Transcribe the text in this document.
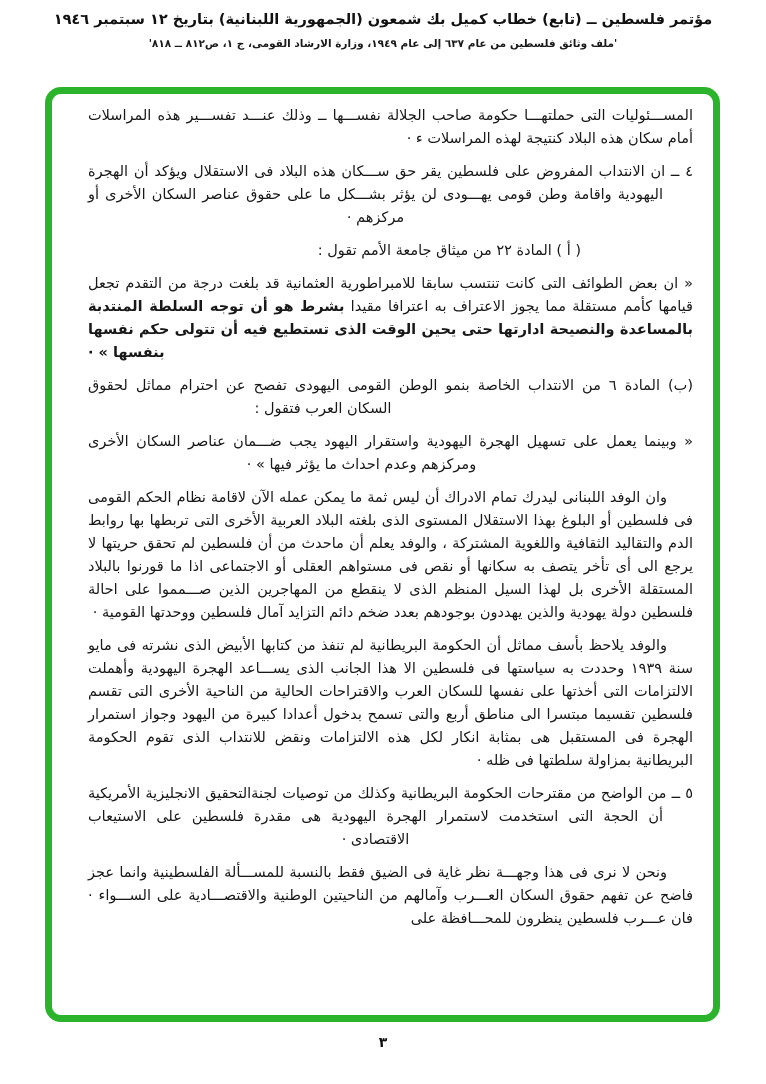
مؤتمر فلسطين ــ (تابع) خطاب كميل بك شمعون (الجمهورية اللبنانية) بتاريخ ١٢ سبتمبر ١٩٤٦
'ملف وثائق فلسطين من عام ٦٣٧ إلى عام ١٩٤٩، وزارة الارشاد القومى، ج ١، ص٨١٢ ــ ٨١٨'

المســـئوليات التى حملتهـــا حكومة صاحب الجلالة نفســـها ــ وذلك عنـــد تفســـير هذه المراسلات أمام سكان هذه البلاد كنتيجة لهذه المراسلات ء ·

٤ ــ ان الانتداب المفروض على فلسطين يقر حق ســـكان هذه البلاد فى الاستقلال ويؤكد أن الهجرة اليهودية واقامة وطن قومى يهـــودى لن يؤثر بشـــكل ما على حقوق عناصر السكان الأخرى أو مركزهم ·

( أ ) المادة ٢٢ من ميثاق جامعة الأمم تقول :

« ان بعض الطوائف التى كانت تنتسب سابقا للامبراطورية العثمانية قد بلغت درجة من التقدم تجعل قيامها كأمم مستقلة مما يجوز الاعتراف به اعترافا مقيدا بشرط هو أن توجه السلطة المنتدبة بالمساعدة والنصيحة ادارتها حتى يحين الوقت الذى تستطيع فيه أن تتولى حكم نفسها بنفسها » ·

(ب) المادة ٦ من الانتداب الخاصة بنمو الوطن القومى اليهودى تفصح عن احترام مماثل لحقوق السكان العرب فتقول :

« وبينما يعمل على تسهيل الهجرة اليهودية واستقرار اليهود يجب ضـــمان عناصر السكان الأخرى ومركزهم وعدم احداث ما يؤثر فيها » ·

وان الوفد اللبنانى ليدرك تمام الادراك أن ليس ثمة ما يمكن عمله الآن لاقامة نظام الحكم القومى فى فلسطين أو البلوغ بهذا الاستقلال المستوى الذى بلغته البلاد العربية الأخرى التى تربطها بها روابط الدم والتقاليد الثقافية واللغوية المشتركة ، والوفد يعلم أن ماحدث من أن فلسطين لم تحقق حريتها لا يرجع الى أى تأخر يتصف به سكانها أو نقص فى مستواهم العقلى أو الاجتماعى اذا ما قورنوا بالبلاد المستقلة الأخرى بل لهذا السيل المنظم الذى لا ينقطع من المهاجرين الذين صـــمموا على احالة فلسطين دولة يهودية والذين يهددون بوجودهم بعدد ضخم دائم التزايد آمال فلسطين ووحدتها القومية ·

والوفد يلاحظ بأسف مماثل أن الحكومة البريطانية لم تنفذ من كتابها الأبيض الذى نشرته فى مايو سنة ١٩٣٩ وحددت به سياستها فى فلسطين الا هذا الجانب الذى يســـاعد الهجرة اليهودية وأهملت الالتزامات التى أخذتها على نفسها للسكان العرب والاقتراحات الحالية من الناحية الأخرى التى تقسم فلسطين تقسيما مبتسرا الى مناطق أربع والتى تسمح بدخول أعدادا كبيرة من اليهود وجواز استمرار الهجرة فى المستقبل هى بمثابة انكار لكل هذه الالتزامات ونقض للانتداب الذى تقوم الحكومة البريطانية بمزاولة سلطتها فى ظله ·

٥ ــ من الواضح من مقترحات الحكومة البريطانية وكذلك من توصيات لجنةالتحقيق الانجليزية الأمريكية أن الحجة التى استخدمت لاستمرار الهجرة اليهودية هى مقدرة فلسطين على الاستيعاب الاقتصادى ·

ونحن لا نرى فى هذا وجهـــة نظر غاية فى الضيق فقط بالنسبة للمســـألة الفلسطينية وانما عجز فاضح عن تفهم حقوق السكان العـــرب وآمالهم من الناحيتين الوطنية والاقتصـــادية على الســـواء · فان عـــرب فلسطين ينظرون للمحـــافظة على

٣
